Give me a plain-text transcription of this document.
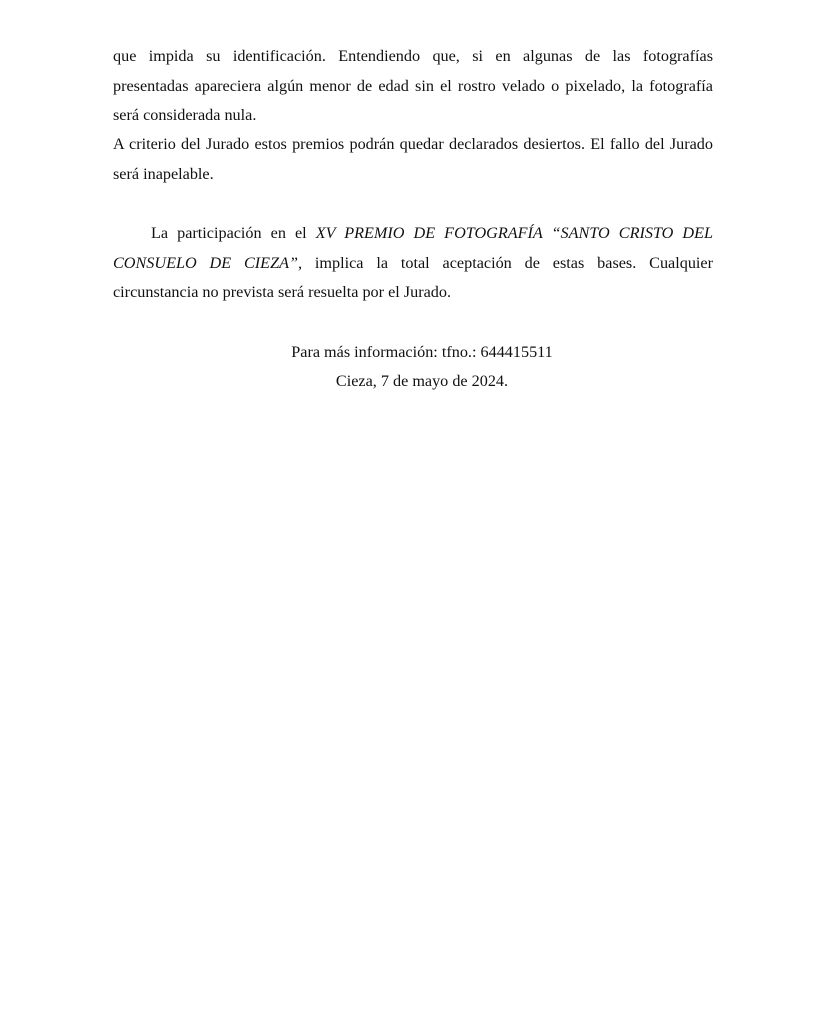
que impida su identificación. Entendiendo que, si en algunas de las fotografías
presentadas apareciera algún menor de edad sin el rostro velado o pixelado, la fotografía
será considerada nula.
A criterio del Jurado estos premios podrán quedar declarados desiertos. El fallo del Jurado
será inapelable.
La participación en el XV PREMIO DE FOTOGRAFÍA “SANTO CRISTO DEL
CONSUELO DE CIEZA”, implica la total aceptación de estas bases. Cualquier
circunstancia no prevista será resuelta por el Jurado.

Para más información: tfno.: 644415511

Cieza, 7 de mayo de 2024.
